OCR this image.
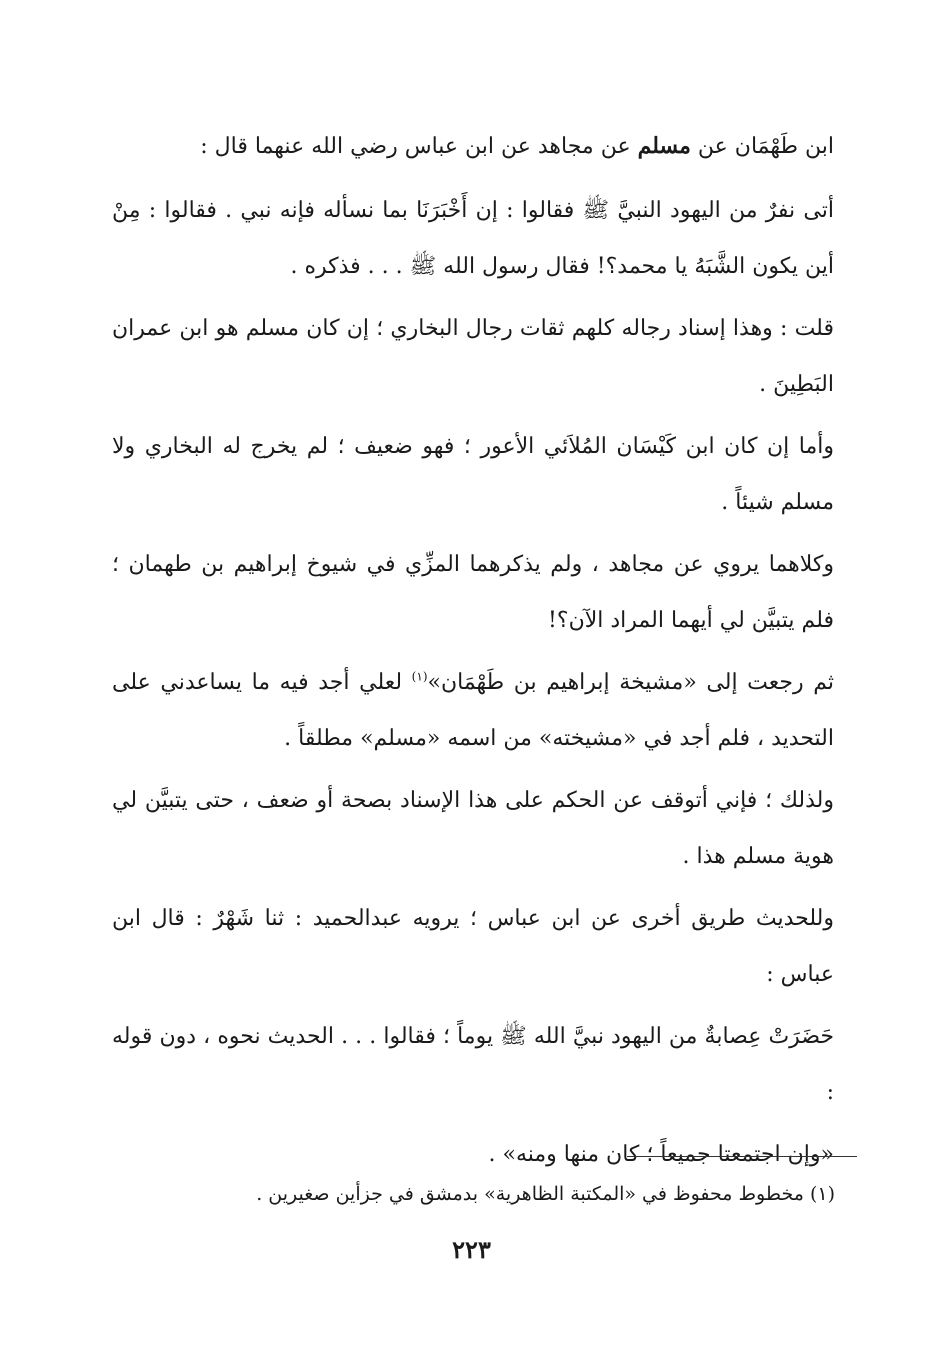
ابن طَهْمَان عن مسلم عن مجاهد عن ابن عباس رضي الله عنهما قال :

أتى نفرٌ من اليهود النبيَّ ﷺ فقالوا : إن أَخْبَرَنَا بما نسأله فإنه نبي . فقالوا : مِنْ أين يكون الشَّبَهُ يا محمد؟! فقال رسول الله ﷺ . . . فذكره .

قلت : وهذا إسناد رجاله كلهم ثقات رجال البخاري ؛ إن كان مسلم هو ابن عمران البَطِينَ .

وأما إن كان ابن كَيْسَان المُلاَئي الأعور ؛ فهو ضعيف ؛ لم يخرج له البخاري ولا مسلم شيئاً .

وكلاهما يروي عن مجاهد ، ولم يذكرهما المزِّي في شيوخ إبراهيم بن طهمان ؛ فلم يتبيَّن لي أيهما المراد الآن؟!

ثم رجعت إلى «مشيخة إبراهيم بن طَهْمَان»$^{(١)}$ لعلي أجد فيه ما يساعدني على التحديد ، فلم أجد في «مشيخته» من اسمه «مسلم» مطلقاً .

ولذلك ؛ فإني أتوقف عن الحكم على هذا الإسناد بصحة أو ضعف ، حتى يتبيَّن لي هوية مسلم هذا .

وللحديث طريق أخرى عن ابن عباس ؛ يرويه عبدالحميد : ثنا شَهْرٌ : قال ابن عباس :

حَضَرَتْ عِصابةٌ من اليهود نبيَّ الله ﷺ يوماً ؛ فقالوا . . . الحديث نحوه ، دون قوله :

«وإن اجتمعتا جميعاً ؛ كان منها ومنه» .

(١) مخطوط محفوظ في «المكتبة الظاهرية» بدمشق في جزأين صغيرين .
٢٢٣
